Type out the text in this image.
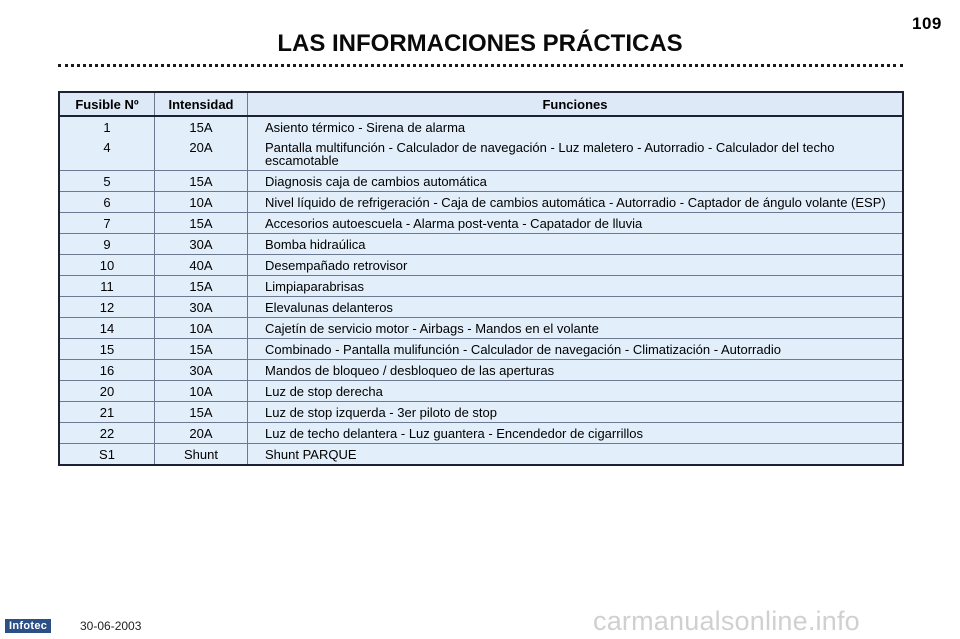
109
LAS INFORMACIONES PRÁCTICAS
Fusible Nº	Intensidad	Funciones
1	15A	Asiento térmico - Sirena de alarma
4	20A	Pantalla multifunción - Calculador de navegación - Luz maletero - Autorradio - Calculador del techo escamotable
5	15A	Diagnosis caja de cambios automática
6	10A	Nivel líquido de refrigeración - Caja de cambios automática - Autorradio - Captador de ángulo volante (ESP)
7	15A	Accesorios autoescuela - Alarma post-venta - Capatador de lluvia
9	30A	Bomba hidraúlica
10	40A	Desempañado retrovisor
11	15A	Limpiaparabrisas
12	30A	Elevalunas delanteros
14	10A	Cajetín de servicio motor - Airbags - Mandos en el volante
15	15A	Combinado - Pantalla mulifunción - Calculador de navegación - Climatización - Autorradio
16	30A	Mandos de bloqueo / desbloqueo de las aperturas
20	10A	Luz de stop derecha
21	15A	Luz de stop izquerda - 3er piloto de stop
22	20A	Luz de techo delantera - Luz guantera - Encendedor de cigarrillos
S1	Shunt	Shunt PARQUE
Infotec	30-06-2003	carmanualsonline.info
